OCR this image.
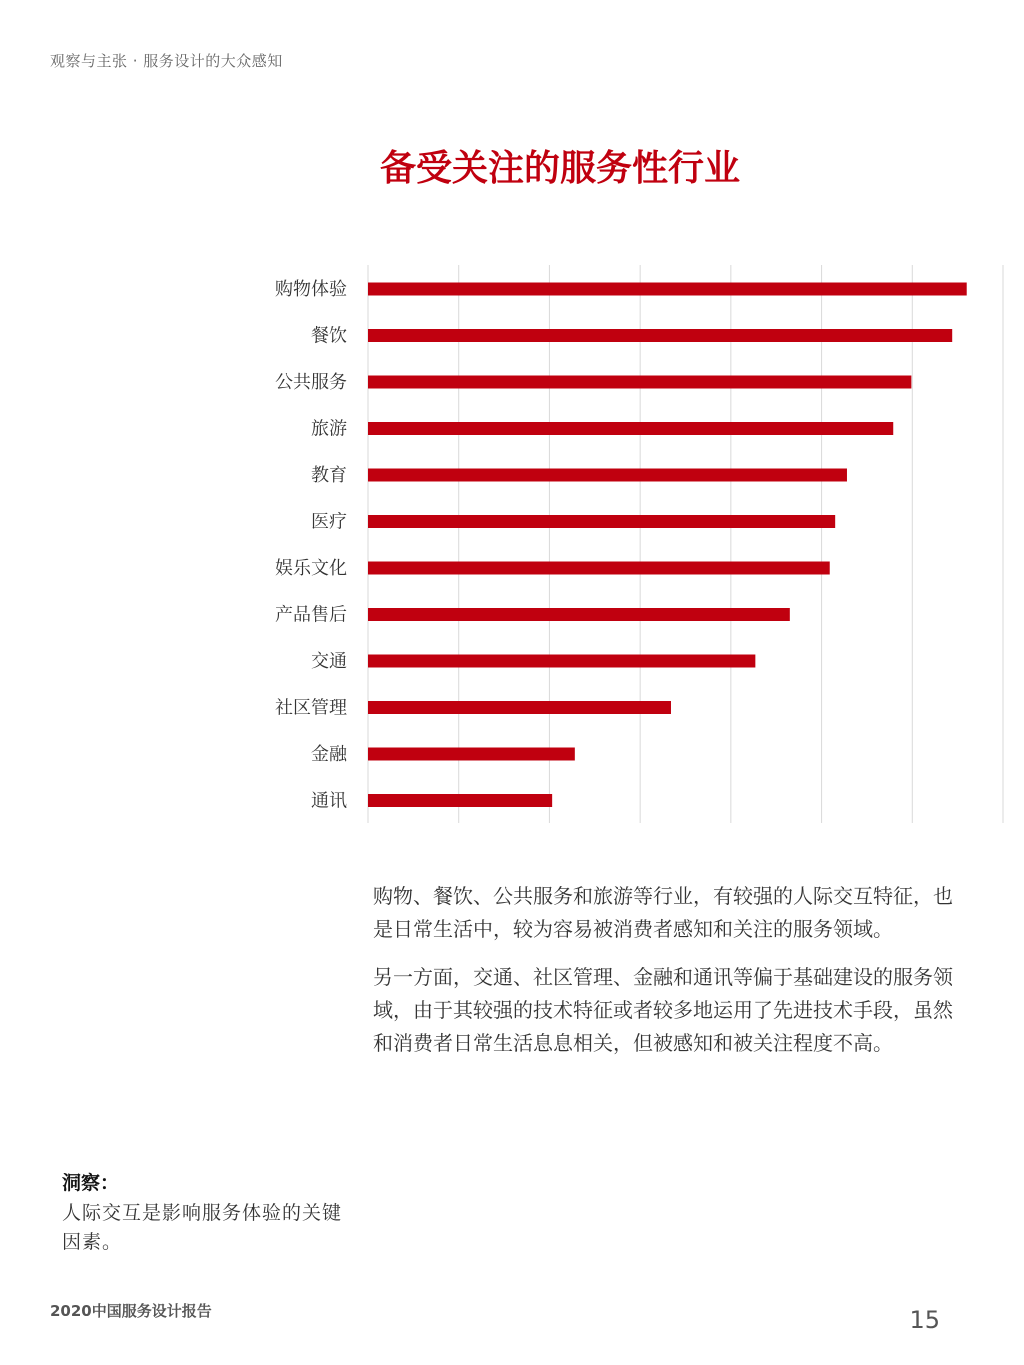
观察与主张 · 服务设计的大众感知
备受关注的服务性行业
购物体验
餐饮
公共服务
旅游
教育
医疗
娱乐文化
产品售后
交通
社区管理
金融
通讯

购物、餐饮、公共服务和旅游等行业，有较强的人际交互特征，也是日常生活中，较为容易被消费者感知和关注的服务领域。

另一方面，交通、社区管理、金融和通讯等偏于基础建设的服务领域，由于其较强的技术特征或者较多地运用了先进技术手段，虽然和消费者日常生活息息相关，但被感知和被关注程度不高。

洞察：
人际交互是影响服务体验的关键因素。
2020中国服务设计报告	15
